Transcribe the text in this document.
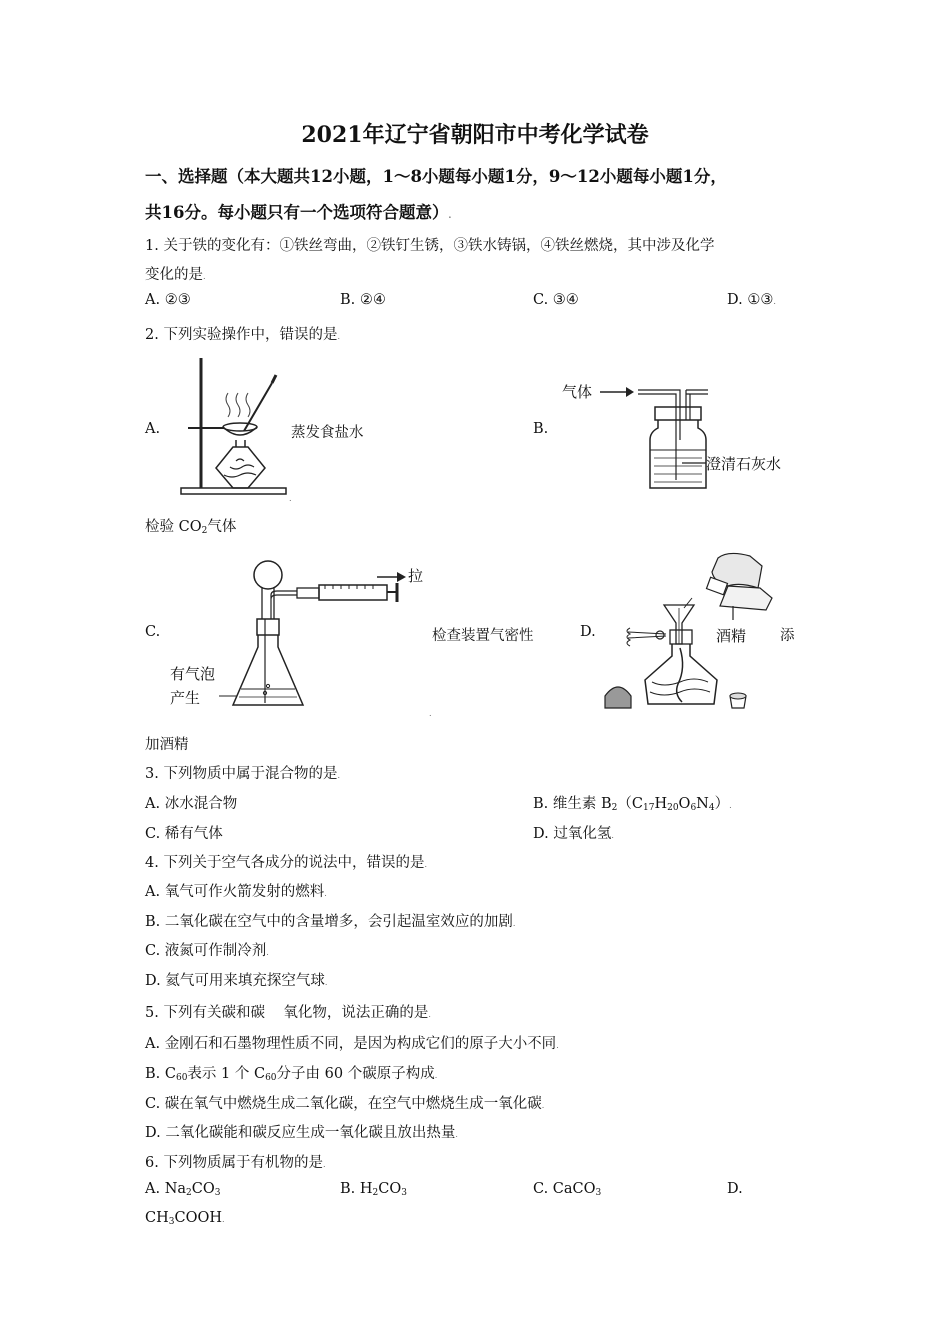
2021年辽宁省朝阳市中考化学试卷
一、选择题（本大题共12小题，1～8小题每小题1分，9～12小题每小题1分，
共16分。每小题只有一个选项符合题意）.
1. 关于铁的变化有：①铁丝弯曲，②铁钉生锈，③铁水铸锅，④铁丝燃烧，其中涉及化学
变化的是.
A. ②③	B. ②④	C. ③④	D. ①③.
2. 下列实验操作中，错误的是.
A.	蒸发食盐水
.
B.
气体
澄清石灰水
检验 $CO_2$气体
C.
拉
有气泡
产生
检查装置气密性
.
D.	酒精 添
加酒精
3. 下列物质中属于混合物的是.
A. 冰水混合物	B. 维生素 $B_2(C_{17}H_{20}O_6N_4)$.
C. 稀有气体	D. 过氧化氢.
4. 下列关于空气各成分的说法中，错误的是.
A. 氧气可作火箭发射的燃料.
B. 二氧化碳在空气中的含量增多，会引起温室效应的加剧.
C. 液氮可作制冷剂.
D. 氦气可用来填充探空气球.
5. 下列有关碳和碳    氧化物，说法正确的是.
A. 金刚石和石墨物理性质不同，是因为构成它们的原子大小不同.
B. $C_{60}$表示 1 个 $C_{60}$分子由 60 个碳原子构成.
C. 碳在氧气中燃烧生成二氧化碳，在空气中燃烧生成一氧化碳.
D. 二氧化碳能和碳反应生成一氧化碳且放出热量.
6. 下列物质属于有机物的是.
A. $Na_2CO_3$	B. $H_2CO_3$	C. CaCO$_3$	D.
$CH_3COOH$.
